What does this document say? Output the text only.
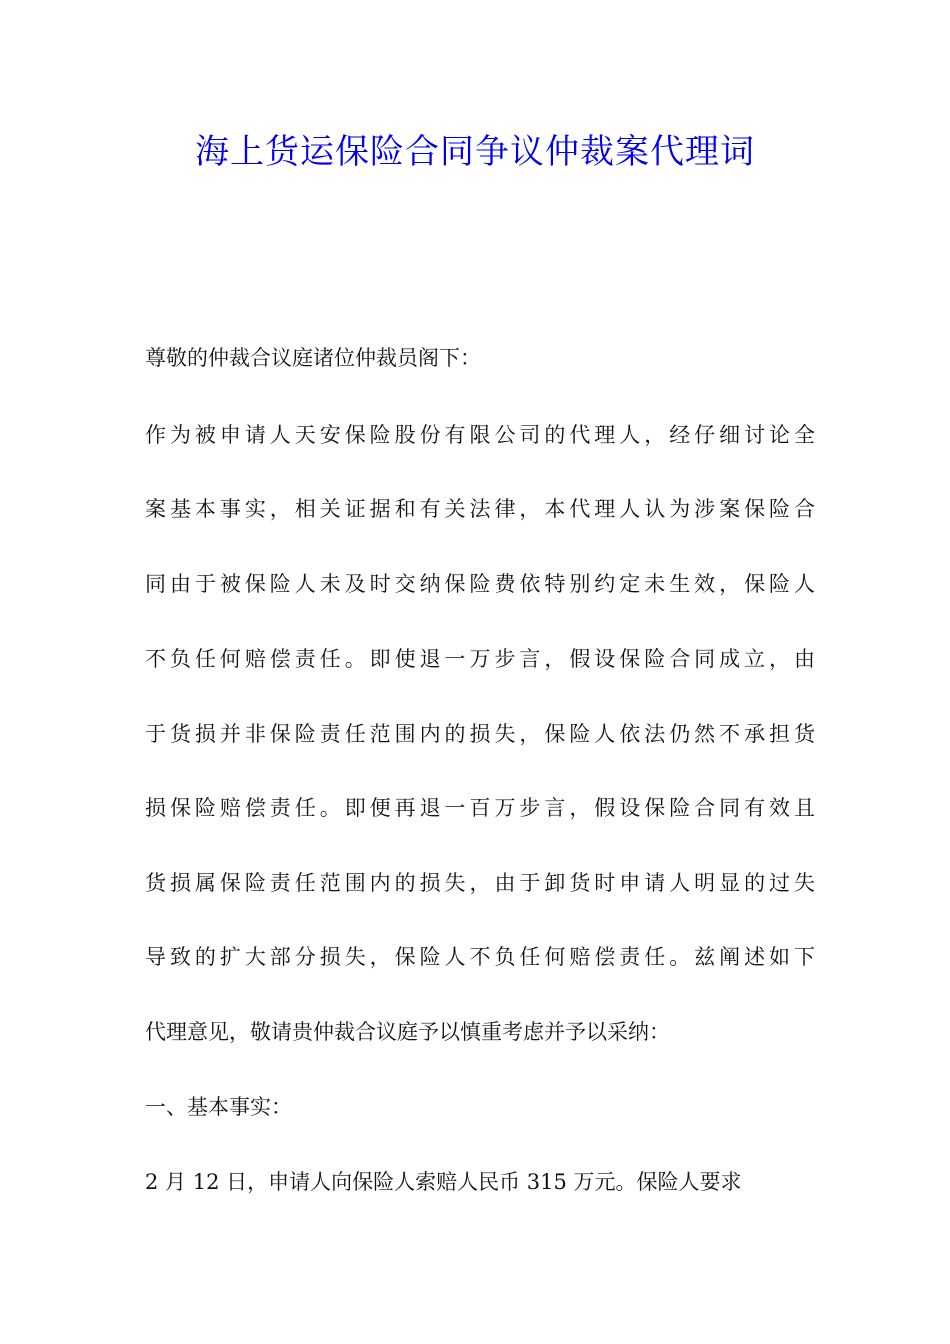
海上货运保险合同争议仲裁案代理词
尊敬的仲裁合议庭诸位仲裁员阁下：
作为被申请人天安保险股份有限公司的代理人，经仔细讨论全
案基本事实，相关证据和有关法律，本代理人认为涉案保险合
同由于被保险人未及时交纳保险费依特别约定未生效，保险人
不负任何赔偿责任。即使退一万步言，假设保险合同成立，由
于货损并非保险责任范围内的损失，保险人依法仍然不承担货
损保险赔偿责任。即便再退一百万步言，假设保险合同有效且
货损属保险责任范围内的损失，由于卸货时申请人明显的过失
导致的扩大部分损失，保险人不负任何赔偿责任。兹阐述如下
代理意见，敬请贵仲裁合议庭予以慎重考虑并予以采纳：
一、基本事实：
2 月 12 日，申请人向保险人索赔人民币 315 万元。保险人要求
